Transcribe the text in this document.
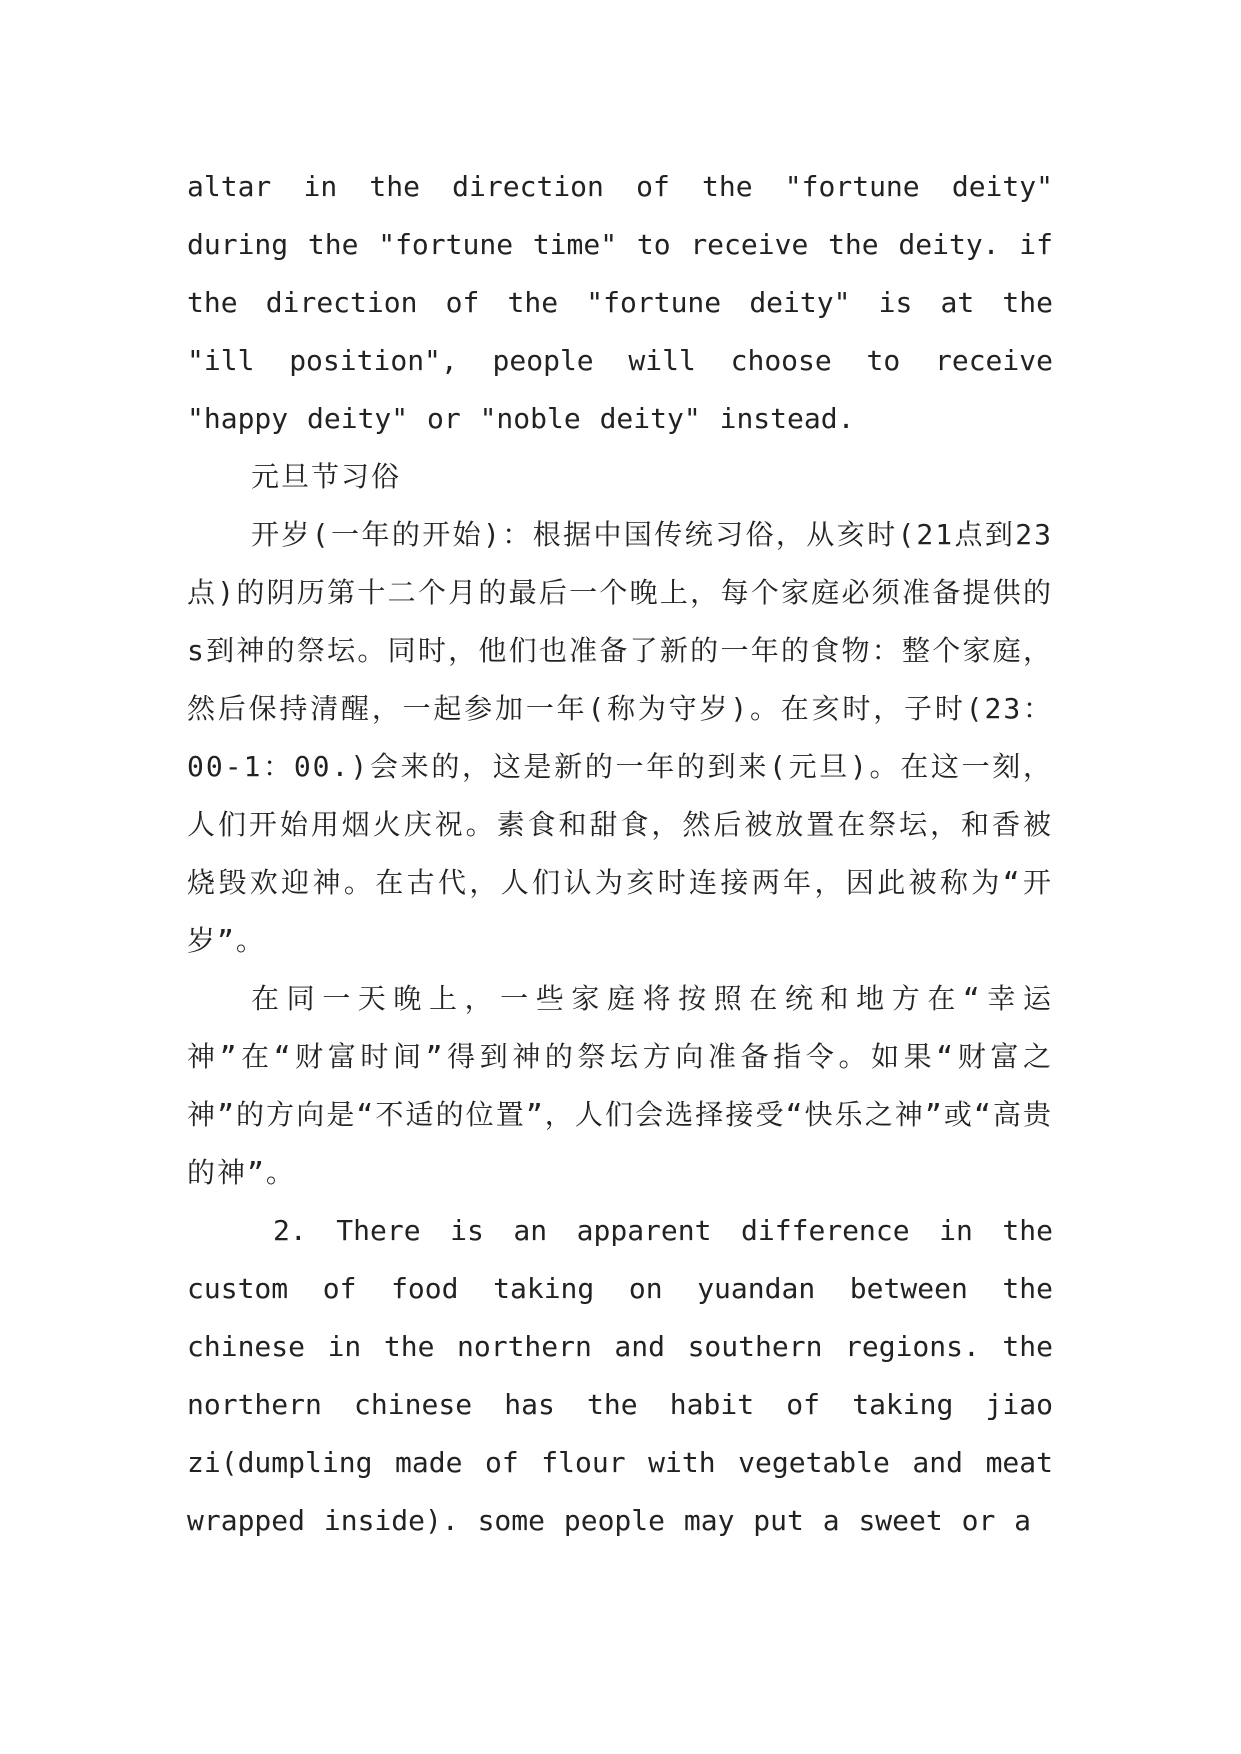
altar in the direction of the "fortune deity" during the "fortune time" to receive the deity. if the direction of the "fortune deity" is at the "ill position", people will choose to receive "happy deity" or "noble deity" instead.

元旦节习俗

开岁(一年的开始)：根据中国传统习俗，从亥时(21点到23点)的阴历第十二个月的最后一个晚上，每个家庭必须准备提供的s到神的祭坛。同时，他们也准备了新的一年的食物：整个家庭，然后保持清醒，一起参加一年(称为守岁)。在亥时，子时(23：00-1：00.)会来的，这是新的一年的到来(元旦)。在这一刻，人们开始用烟火庆祝。素食和甜食，然后被放置在祭坛，和香被烧毁欢迎神。在古代，人们认为亥时连接两年，因此被称为“开岁”。

在同一天晚上，一些家庭将按照在统和地方在“幸运神”在“财富时间”得到神的祭坛方向准备指令。如果“财富之神”的方向是“不适的位置”，人们会选择接受“快乐之神”或“高贵的神”。

2. There is an apparent difference in the custom of food taking on yuandan between the chinese in the northern and southern regions. the northern chinese has the habit of taking jiao zi(dumpling made of flour with vegetable and meat wrapped inside). some people may put a sweet or a
